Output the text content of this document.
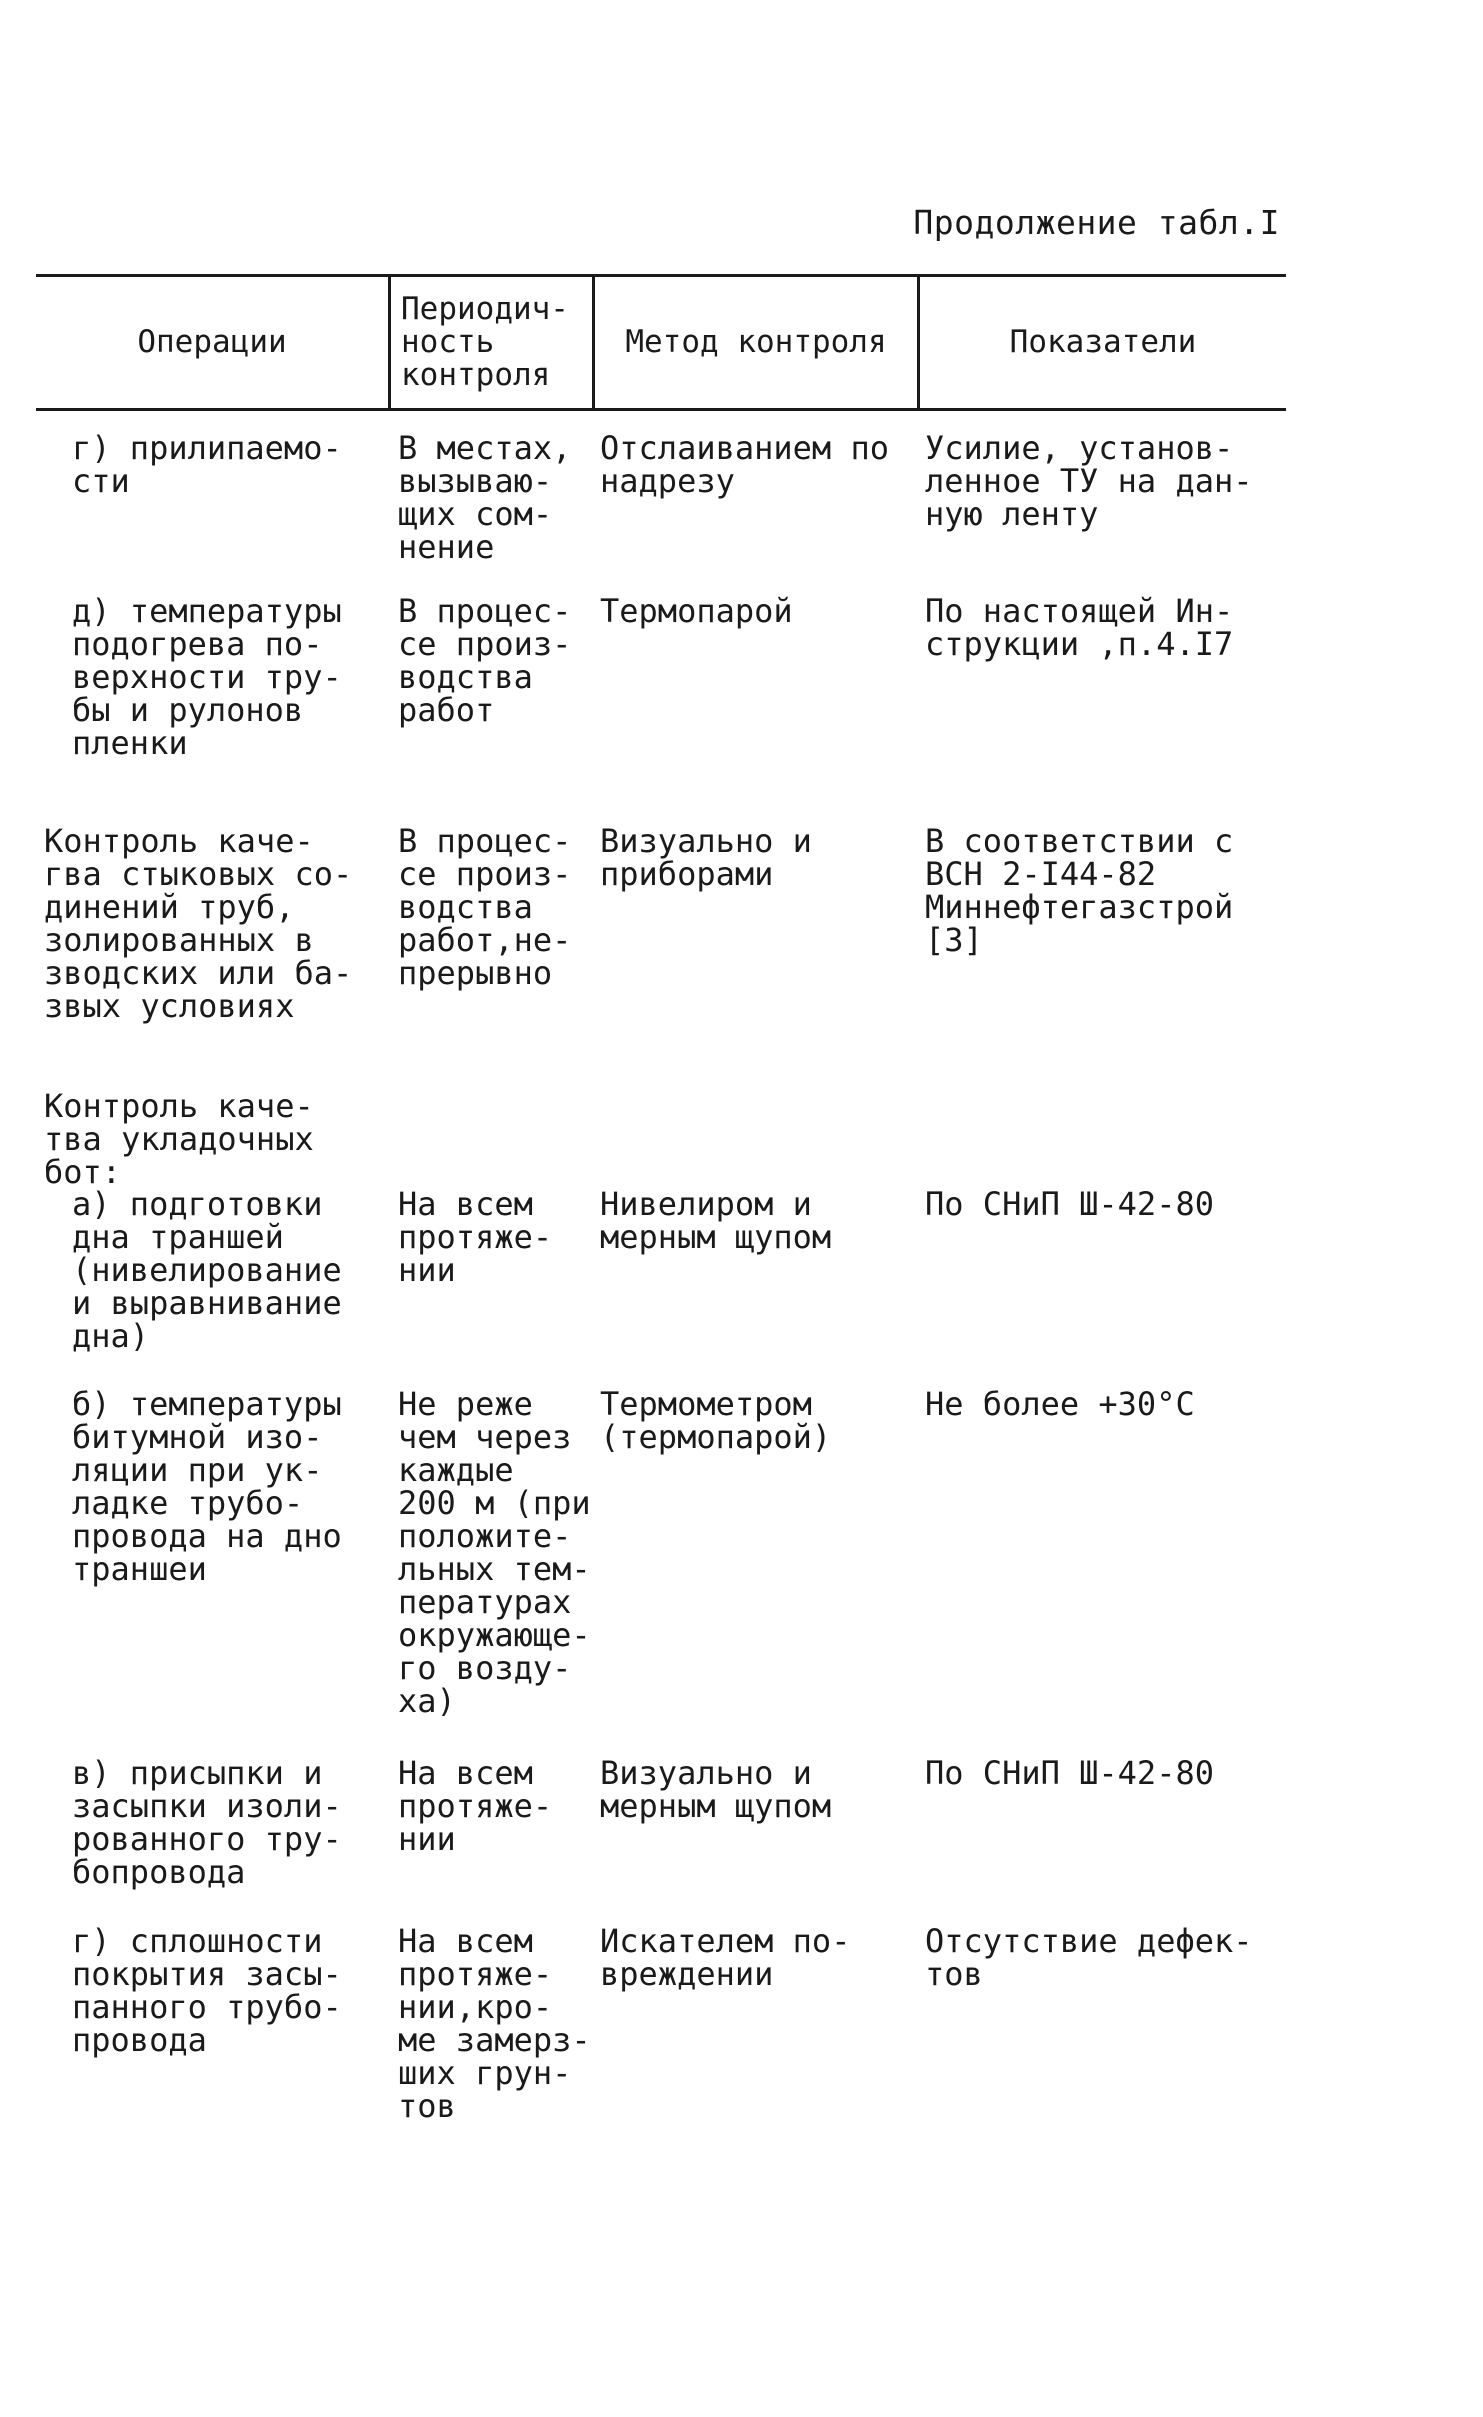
Продолжение табл.I
Операции
Периодич-
ность
контроля
Метод контроля	Показатели
г) прилипаемо-
сти
В местах,
вызываю-
щих сом-
нение
Отслаиванием по
надрезу
Усилие, установ-
ленное ТУ на дан-
ную ленту
д) температуры
подогрева по-
верхности тру-
бы и рулонов
пленки
В процес-
се произ-
водства
работ
Термопарой	По настоящей Ин-
струкции ,п.4.I7
Контроль каче-
гва стыковых со-
динений труб,
золированных в
зводских или ба-
звых условиях
В процес-
се произ-
водства
работ,не-
прерывно
Визуально и
приборами
В соответствии с
ВСН 2-I44-82
Миннефтегазстрой
[3]
Контроль каче-
тва укладочных
бот:
а) подготовки
дна траншей
(нивелирование
и выравнивание
дна)
На всем
протяже-
нии
Нивелиром и
мерным щупом
По СНиП Ш-42-80
б) температуры
битумной изо-
ляции при ук-
ладке трубо-
провода на дно
траншеи
Не реже
чем через
каждые
200 м (при
положите-
льных тем-
пературах
окружающе-
го возду-
ха)
Термометром
(термопарой)
Не более +30°С
в) присыпки и
засыпки изоли-
рованного тру-
бопровода
На всем
протяже-
нии
Визуально и
мерным щупом
По СНиП Ш-42-80
г) сплошности
покрытия засы-
панного трубо-
провода
На всем
протяже-
нии,кро-
ме замерз-
ших грун-
тов
Искателем по-
вреждении
Отсутствие дефек-
тов
